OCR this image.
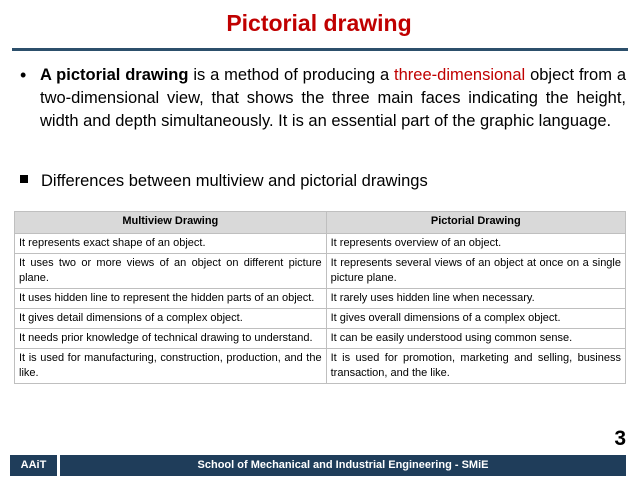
Pictorial drawing
• A pictorial drawing is a method of producing a three-dimensional object from a two-dimensional view, that shows the three main faces indicating the height, width and depth simultaneously. It is an essential part of the graphic language.
Differences between multiview and pictorial drawings
Multiview Drawing	Pictorial Drawing
It represents exact shape of an object.	It represents overview of an object.
It uses two or more views of an object on different picture plane.	It represents several views of an object at once on a single picture plane.
It uses hidden line to represent the hidden parts of an object.	It rarely uses hidden line when necessary.
It gives detail dimensions of a complex object.	It gives overall dimensions of a complex object.
It needs prior knowledge of technical drawing to understand.	It can be easily understood using common sense.
It is used for manufacturing, construction, production, and the like.	It is used for promotion, marketing and selling, business transaction, and the like.
3
AAiT	School of Mechanical and Industrial Engineering - SMiE
